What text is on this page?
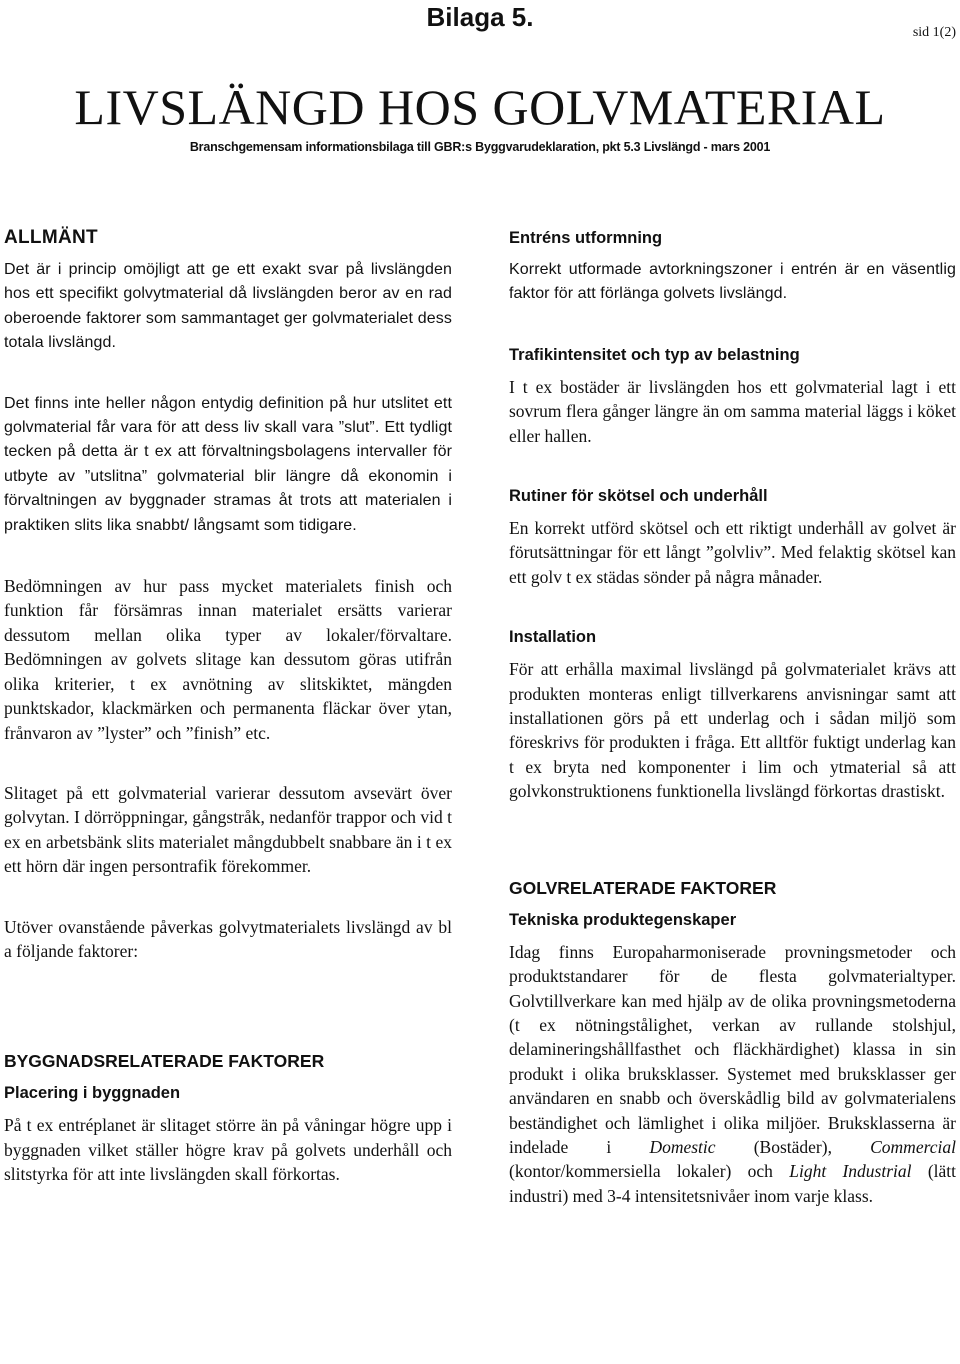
Bilaga 5.
sid 1(2)
LIVSLÄNGD HOS GOLVMATERIAL
Branschgemensam informationsbilaga till GBR:s Byggvarudeklaration, pkt 5.3 Livslängd - mars 2001
ALLMÄNT

Det är i princip omöjligt att ge ett exakt svar på livslängden hos ett specifikt golvytmaterial då livslängden beror av en rad oberoende faktorer som sammantaget ger golvmaterialet dess totala livslängd.

Det finns inte heller någon entydig definition på hur utslitet ett golvmaterial får vara för att dess liv skall vara ”slut”. Ett tydligt tecken på detta är t ex att förvaltningsbolagens intervaller för utbyte av ”utslitna” golvmaterial blir längre då ekonomin i förvaltningen av byggnader stramas åt trots att materialen i praktiken slits lika snabbt/ långsamt som tidigare.

Bedömningen av hur pass mycket materialets finish och funktion får försämras innan materialet ersätts varierar dessutom mellan olika typer av lokaler/förvaltare. Bedömningen av golvets slitage kan dessutom göras utifrån olika kriterier, t ex avnötning av slitskiktet, mängden punktskador, klackmärken och permanenta fläckar över ytan, frånvaron av ”lyster” och ”finish” etc.

Slitaget på ett golvmaterial varierar dessutom avsevärt över golvytan. I dörröppningar, gångstråk, nedanför trappor och vid t ex en arbetsbänk slits materialet mångdubbelt snabbare än i t ex ett hörn där ingen persontrafik förekommer.

Utöver ovanstående påverkas golvytmaterialets livslängd av bl a följande faktorer:

BYGGNADSRELATERADE FAKTORER
Placering i byggnaden

På t ex entréplanet är slitaget större än på våningar högre upp i byggnaden vilket ställer högre krav på golvets underhåll och slitstyrka för att inte livslängden skall förkortas.

Entréns utformning

Korrekt utformade avtorkningszoner i entrén är en väsentlig faktor för att förlänga golvets livslängd.

Trafikintensitet och typ av belastning

I t ex bostäder är livslängden hos ett golvmaterial lagt i ett sovrum flera gånger längre än om samma material läggs i köket eller hallen.

Rutiner för skötsel och underhåll

En korrekt utförd skötsel och ett riktigt underhåll av golvet är förutsättningar för ett långt ”golvliv”. Med felaktig skötsel kan ett golv t ex städas sönder på några månader.

Installation

För att erhålla maximal livslängd på golvmaterialet krävs att produkten monteras enligt tillverkarens anvisningar samt att installationen görs på ett underlag och i sådan miljö som föreskrivs för produkten i fråga. Ett alltför fuktigt underlag kan t ex bryta ned komponenter i lim och ytmaterial så att golvkonstruktionens funktionella livslängd förkortas drastiskt.

GOLVRELATERADE FAKTORER
Tekniska produktegenskaper

Idag finns Europaharmoniserade provningsmetoder och produktstandarer för de flesta golvmaterialtyper. Golvtillverkare kan med hjälp av de olika provningsmetoderna (t ex nötningstålighet, verkan av rullande stolshjul, delamineringshållfasthet och fläckhärdighet) klassa in sin produkt i olika bruksklasser. Systemet med bruksklasser ger användaren en snabb och överskådlig bild av golvmaterialens beständighet och lämlighet i olika miljöer. Bruksklasserna är indelade i Domestic (Bostäder), Commercial (kontor/kommersiella lokaler) och Light Industrial (lätt industri) med 3-4 intensitetsnivåer inom varje klass.
